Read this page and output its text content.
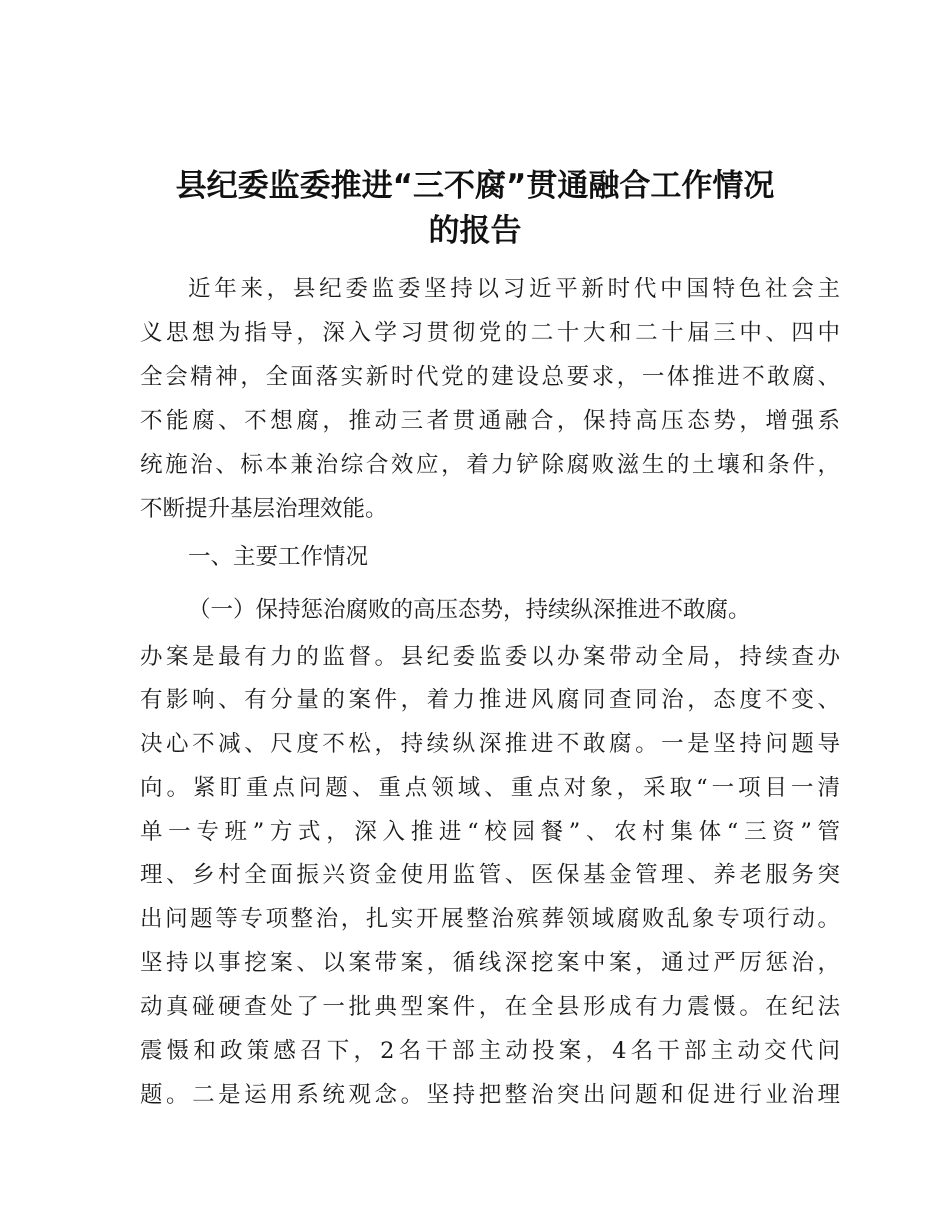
县纪委监委推进“三不腐”贯通融合工作情况
的报告
近年来，县纪委监委坚持以习近平新时代中国特色社会主
义思想为指导，深入学习贯彻党的二十大和二十届三中、四中
全会精神，全面落实新时代党的建设总要求，一体推进不敢腐、
不能腐、不想腐，推动三者贯通融合，保持高压态势，增强系
统施治、标本兼治综合效应，着力铲除腐败滋生的土壤和条件，
不断提升基层治理效能。
一、主要工作情况
（一）保持惩治腐败的高压态势，持续纵深推进不敢腐。
办案是最有力的监督。县纪委监委以办案带动全局，持续查办
有影响、有分量的案件，着力推进风腐同查同治，态度不变、
决心不减、尺度不松，持续纵深推进不敢腐。一是坚持问题导
向。紧盯重点问题、重点领域、重点对象，采取“一项目一清
单一专班”方式，深入推进“校园餐”、农村集体“三资”管
理、乡村全面振兴资金使用监管、医保基金管理、养老服务突
出问题等专项整治，扎实开展整治殡葬领域腐败乱象专项行动。
坚持以事挖案、以案带案，循线深挖案中案，通过严厉惩治，
动真碰硬查处了一批典型案件，在全县形成有力震慑。在纪法
震慑和政策感召下，2名干部主动投案，4名干部主动交代问
题。二是运用系统观念。坚持把整治突出问题和促进行业治理
